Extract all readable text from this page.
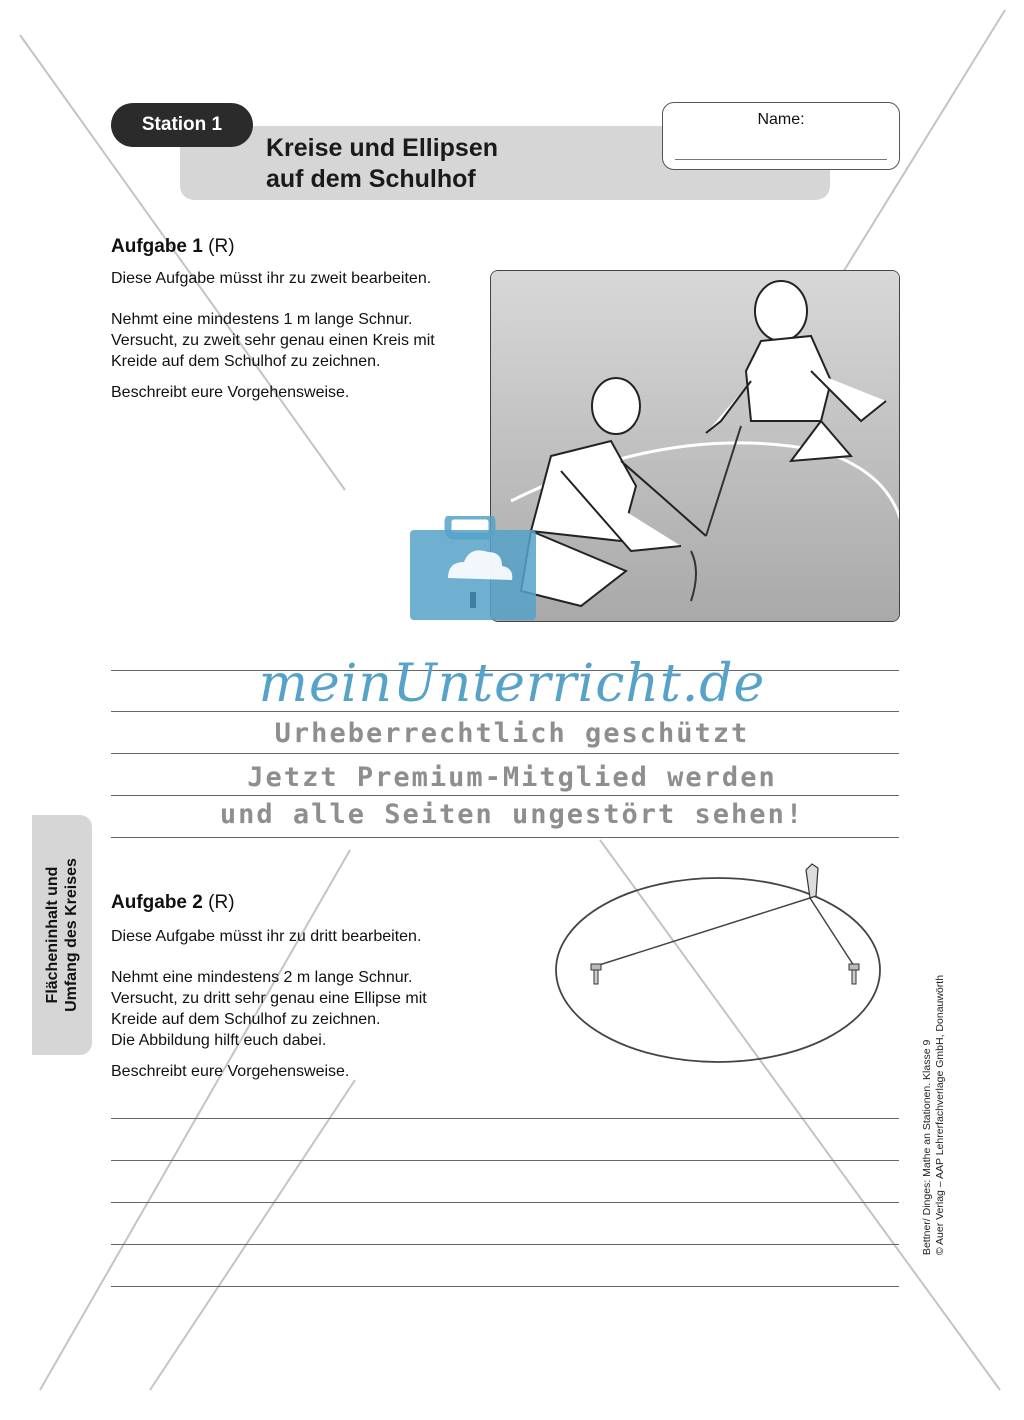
Station 1
Kreise und Ellipsen
auf dem Schulhof
Name:
Aufgabe 1 (R)

Diese Aufgabe müsst ihr zu zweit bearbeiten.

Nehmt eine mindestens 1 m lange Schnur.
Versucht, zu zweit sehr genau einen Kreis mit
Kreide auf dem Schulhof zu zeichnen.

Beschreibt eure Vorgehensweise.

meinUnterricht.de
Urheberrechtlich geschützt
Jetzt Premium-Mitglied werden
und alle Seiten ungestört sehen!
Flächeninhalt und Umfang des Kreises Aufgabe 2 (R)

Diese Aufgabe müsst ihr zu dritt bearbeiten.

Nehmt eine mindestens 2 m lange Schnur.
Versucht, zu dritt sehr genau eine Ellipse mit
Kreide auf dem Schulhof zu zeichnen.
Die Abbildung hilft euch dabei.

Beschreibt eure Vorgehensweise.	Bettner/ Dinges: Mathe an Stationen. Klasse 9 © Auer Verlag – AAP Lehrerfachverlage GmbH, Donauwörth
